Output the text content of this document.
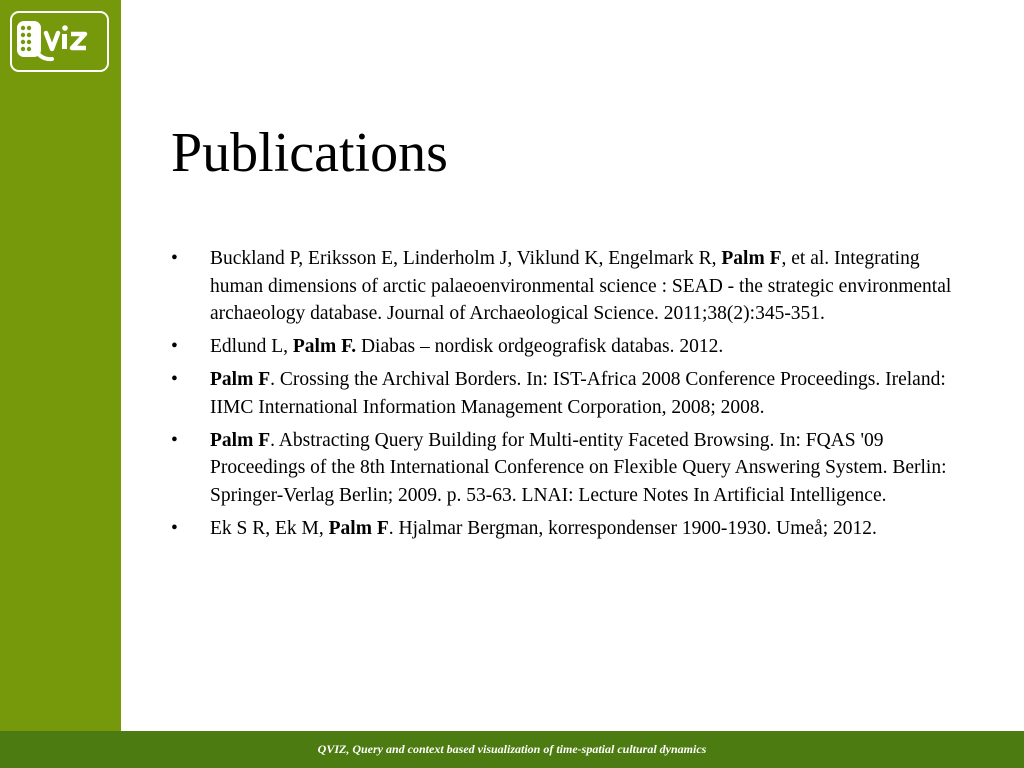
Publications
• Buckland P, Eriksson E, Linderholm J, Viklund K, Engelmark R, Palm F, et al. Integrating human dimensions of arctic palaeoenvironmental science : SEAD - the strategic environmental archaeology database. Journal of Archaeological Science. 2011;38(2):345-351.
• Edlund L, Palm F. Diabas – nordisk ordgeografisk databas. 2012.
• Palm F. Crossing the Archival Borders. In: IST-Africa 2008 Conference Proceedings. Ireland: IIMC International Information Management Corporation, 2008; 2008.
• Palm F. Abstracting Query Building for Multi-entity Faceted Browsing. In: FQAS '09 Proceedings of the 8th International Conference on Flexible Query Answering System. Berlin: Springer-Verlag Berlin; 2009. p. 53-63. LNAI: Lecture Notes In Artificial Intelligence.
• Ek S R, Ek M, Palm F. Hjalmar Bergman, korrespondenser 1900-1930. Umeå; 2012.
QVIZ, Query and context based visualization of time-spatial cultural dynamics
